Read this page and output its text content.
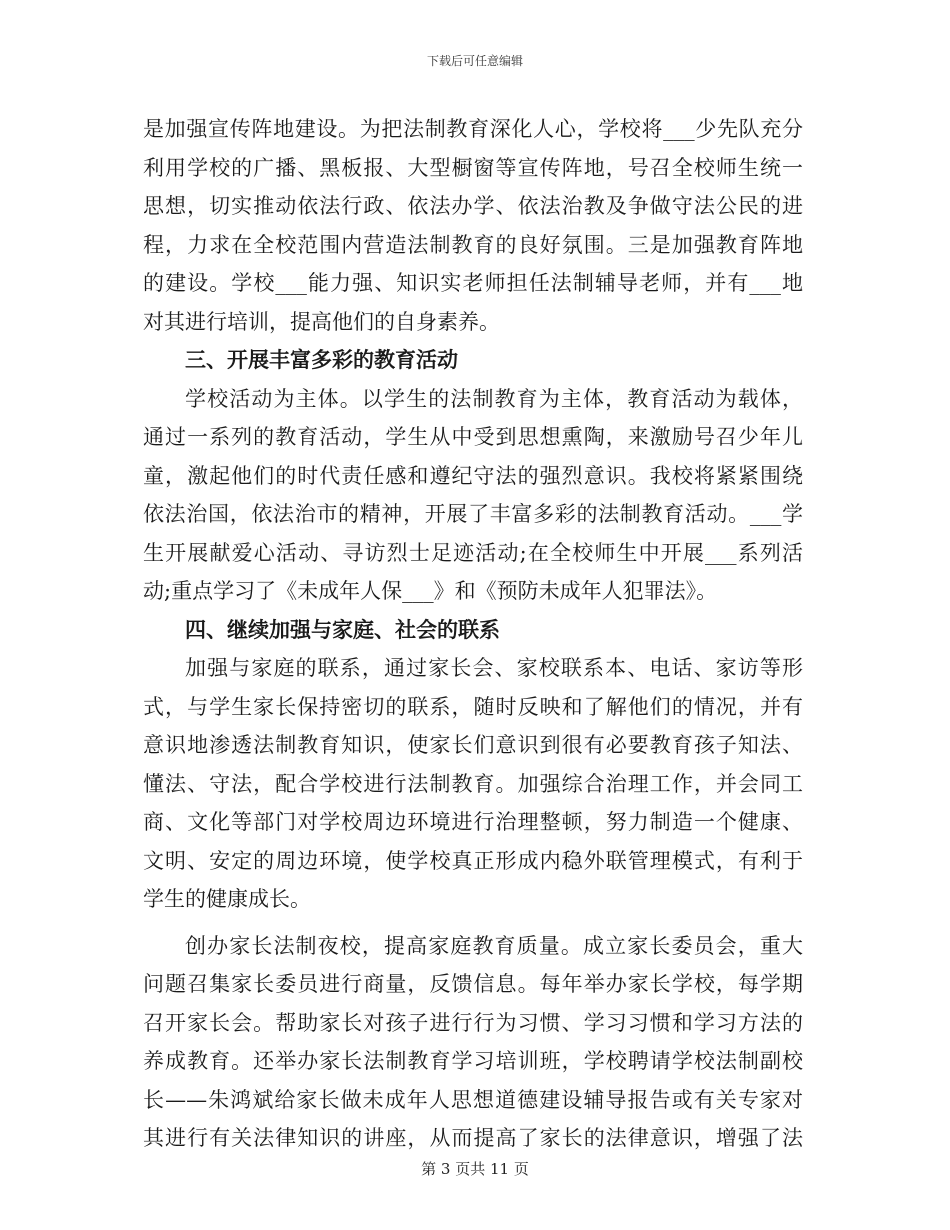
下载后可任意编辑
是加强宣传阵地建设。为把法制教育深化人心，学校将___少先队充分
利用学校的广播、黑板报、大型橱窗等宣传阵地，号召全校师生统一
思想，切实推动依法行政、依法办学、依法治教及争做守法公民的进
程，力求在全校范围内营造法制教育的良好氛围。三是加强教育阵地
的建设。学校___能力强、知识实老师担任法制辅导老师，并有___地
对其进行培训，提高他们的自身素养。
三、开展丰富多彩的教育活动
学校活动为主体。以学生的法制教育为主体，教育活动为载体，
通过一系列的教育活动，学生从中受到思想熏陶，来激励号召少年儿
童，激起他们的时代责任感和遵纪守法的强烈意识。我校将紧紧围绕
依法治国，依法治市的精神，开展了丰富多彩的法制教育活动。___学
生开展献爱心活动、寻访烈士足迹活动;在全校师生中开展___系列活
动;重点学习了《未成年人保___》和《预防未成年人犯罪法》。
四、继续加强与家庭、社会的联系
加强与家庭的联系，通过家长会、家校联系本、电话、家访等形
式，与学生家长保持密切的联系，随时反映和了解他们的情况，并有
意识地渗透法制教育知识，使家长们意识到很有必要教育孩子知法、
懂法、守法，配合学校进行法制教育。加强综合治理工作，并会同工
商、文化等部门对学校周边环境进行治理整顿，努力制造一个健康、
文明、安定的周边环境，使学校真正形成内稳外联管理模式，有利于
学生的健康成长。
创办家长法制夜校，提高家庭教育质量。成立家长委员会，重大
问题召集家长委员进行商量，反馈信息。每年举办家长学校，每学期
召开家长会。帮助家长对孩子进行行为习惯、学习习惯和学习方法的
养成教育。还举办家长法制教育学习培训班，学校聘请学校法制副校
长——朱鸿斌给家长做未成年人思想道德建设辅导报告或有关专家对
其进行有关法律知识的讲座，从而提高了家长的法律意识，增强了法
第 3 页共 11 页
